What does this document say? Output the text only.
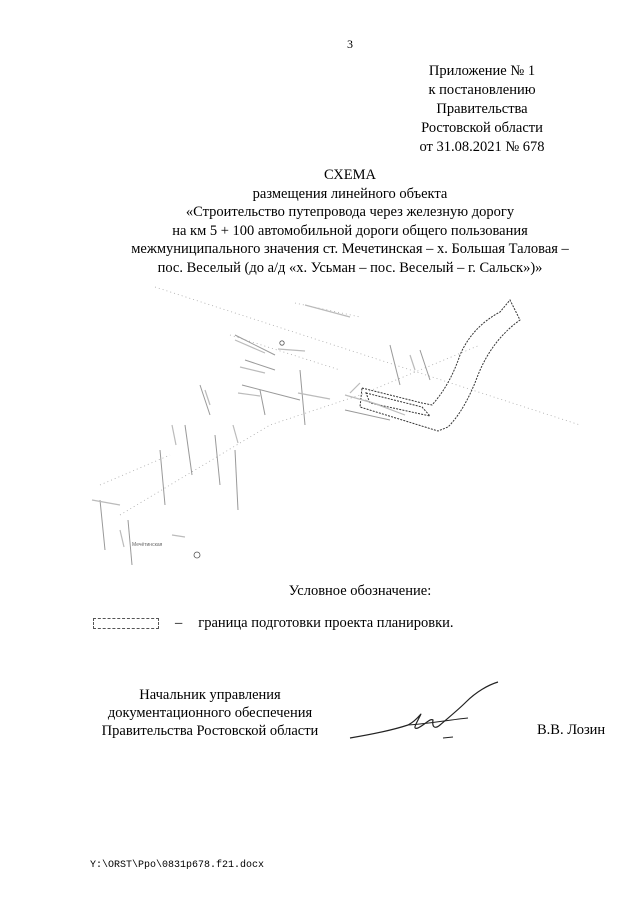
3
Приложение № 1
к постановлению
Правительства
Ростовской области
от 31.08.2021 № 678
СХЕМА
размещения линейного объекта
«Строительство путепровода через железную дорогу
на км 5 + 100 автомобильной дороги общего пользования
межмуниципального значения ст. Мечетинская – х. Большая Таловая –
пос. Веселый (до а/д «х. Усьман – пос. Веселый – г. Сальск»)»
Мечётинская
Условное обозначение:
– граница подготовки проекта планировки.
Начальник управления
документационного обеспечения
Правительства Ростовской области	В.В. Лозин
Y:\ORST\Ppo\0831p678.f21.docx
